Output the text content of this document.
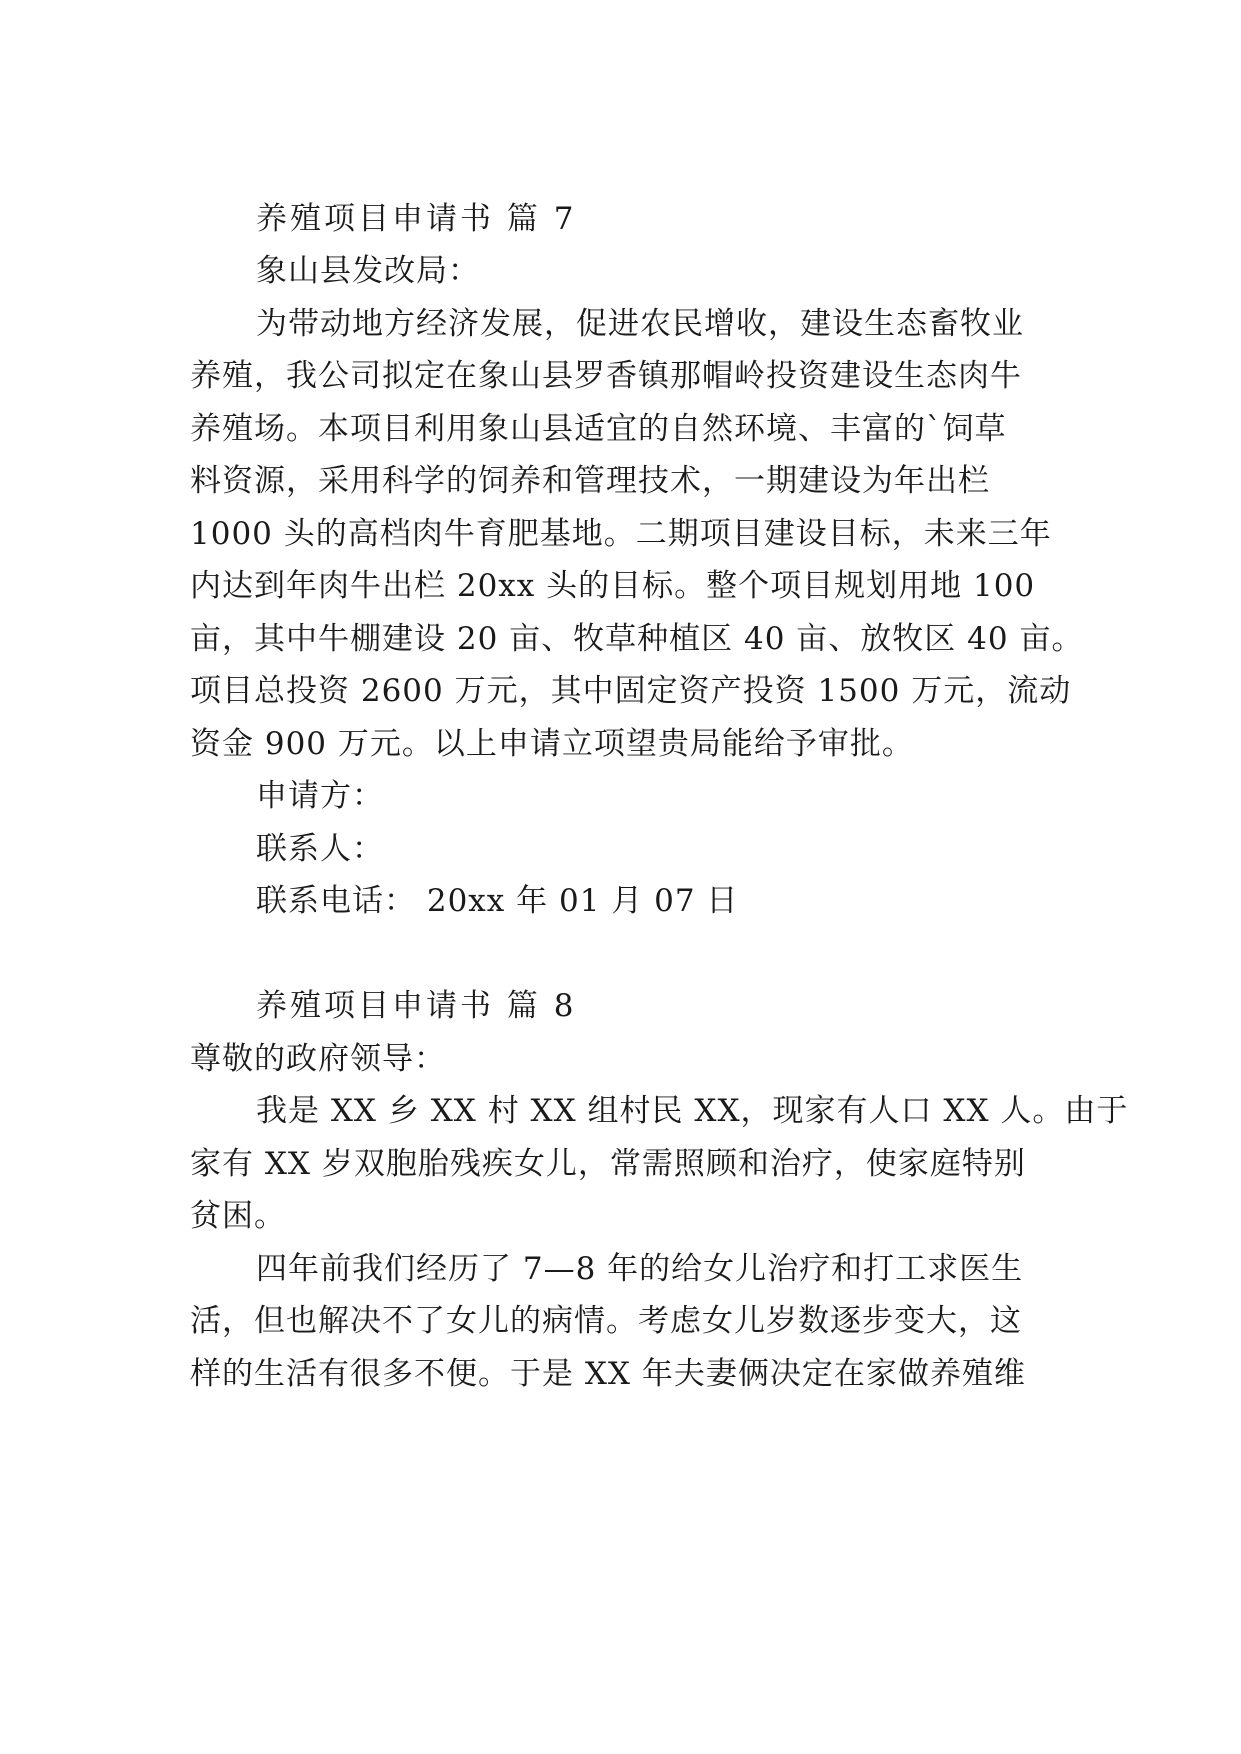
养殖项目申请书 篇 7
象山县发改局：
为带动地方经济发展，促进农民增收，建设生态畜牧业
养殖，我公司拟定在象山县罗香镇那帽岭投资建设生态肉牛
养殖场。本项目利用象山县适宜的自然环境、丰富的`饲草
料资源，采用科学的饲养和管理技术，一期建设为年出栏
1000 头的高档肉牛育肥基地。二期项目建设目标，未来三年
内达到年肉牛出栏 20xx 头的目标。整个项目规划用地 100
亩，其中牛棚建设 20 亩、牧草种植区 40 亩、放牧区 40 亩。
项目总投资 2600 万元，其中固定资产投资 1500 万元，流动
资金 900 万元。以上申请立项望贵局能给予审批。
申请方：
联系人：
联系电话： 20xx 年 01 月 07 日
养殖项目申请书 篇 8
尊敬的政府领导：
我是 XX 乡 XX 村 XX 组村民 XX，现家有人口 XX 人。由于
家有 XX 岁双胞胎残疾女儿，常需照顾和治疗，使家庭特别
贫困。
四年前我们经历了 7—8 年的给女儿治疗和打工求医生
活，但也解决不了女儿的病情。考虑女儿岁数逐步变大，这
样的生活有很多不便。于是 XX 年夫妻俩决定在家做养殖维
